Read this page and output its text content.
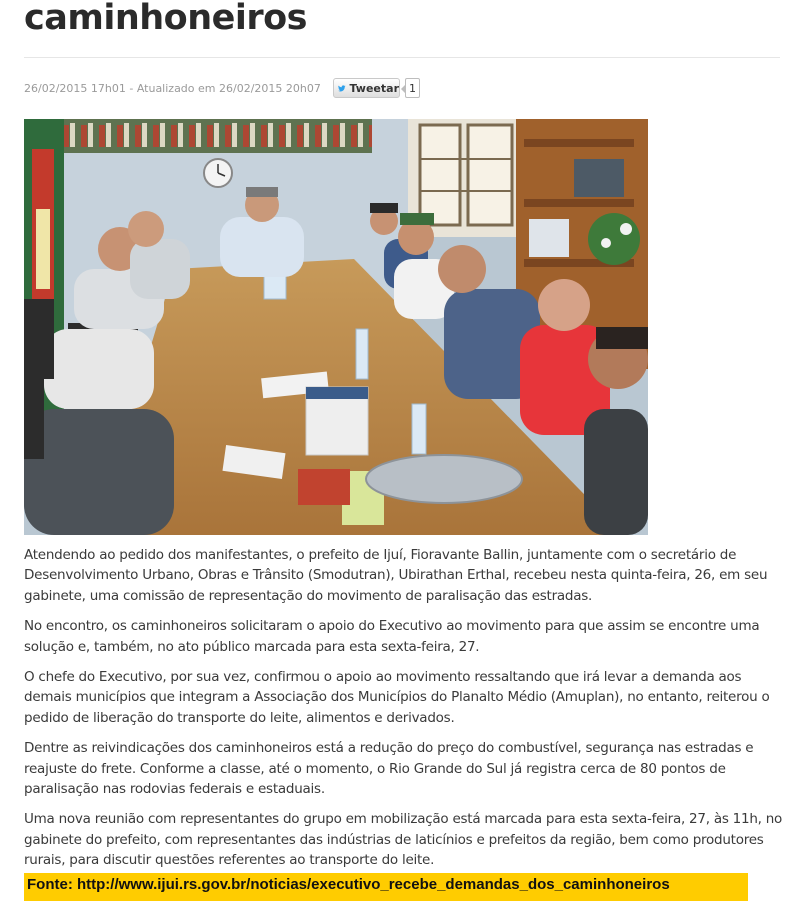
caminhoneiros
26/02/2015 17h01 - Atualizado em 26/02/2015 20h07	Tweetar 1

Atendendo ao pedido dos manifestantes, o prefeito de Ijuí, Fioravante Ballin, juntamente com o secretário de Desenvolvimento Urbano, Obras e Trânsito (Smodutran), Ubirathan Erthal, recebeu nesta quinta-feira, 26, em seu gabinete, uma comissão de representação do movimento de paralisação das estradas.

No encontro, os caminhoneiros solicitaram o apoio do Executivo ao movimento para que assim se encontre uma solução e, também, no ato público marcada para esta sexta-feira, 27.

O chefe do Executivo, por sua vez, confirmou o apoio ao movimento ressaltando que irá levar a demanda aos demais municípios que integram a Associação dos Municípios do Planalto Médio (Amuplan), no entanto, reiterou o pedido de liberação do transporte do leite, alimentos e derivados.

Dentre as reivindicações dos caminhoneiros está a redução do preço do combustível, segurança nas estradas e reajuste do frete. Conforme a classe, até o momento, o Rio Grande do Sul já registra cerca de 80 pontos de paralisação nas rodovias federais e estaduais.

Uma nova reunião com representantes do grupo em mobilização está marcada para esta sexta-feira, 27, às 11h, no gabinete do prefeito, com representantes das indústrias de laticínios e prefeitos da região, bem como produtores rurais, para discutir questões referentes ao transporte do leite.

Fonte: http://www.ijui.rs.gov.br/noticias/executivo_recebe_demandas_dos_caminhoneiros
